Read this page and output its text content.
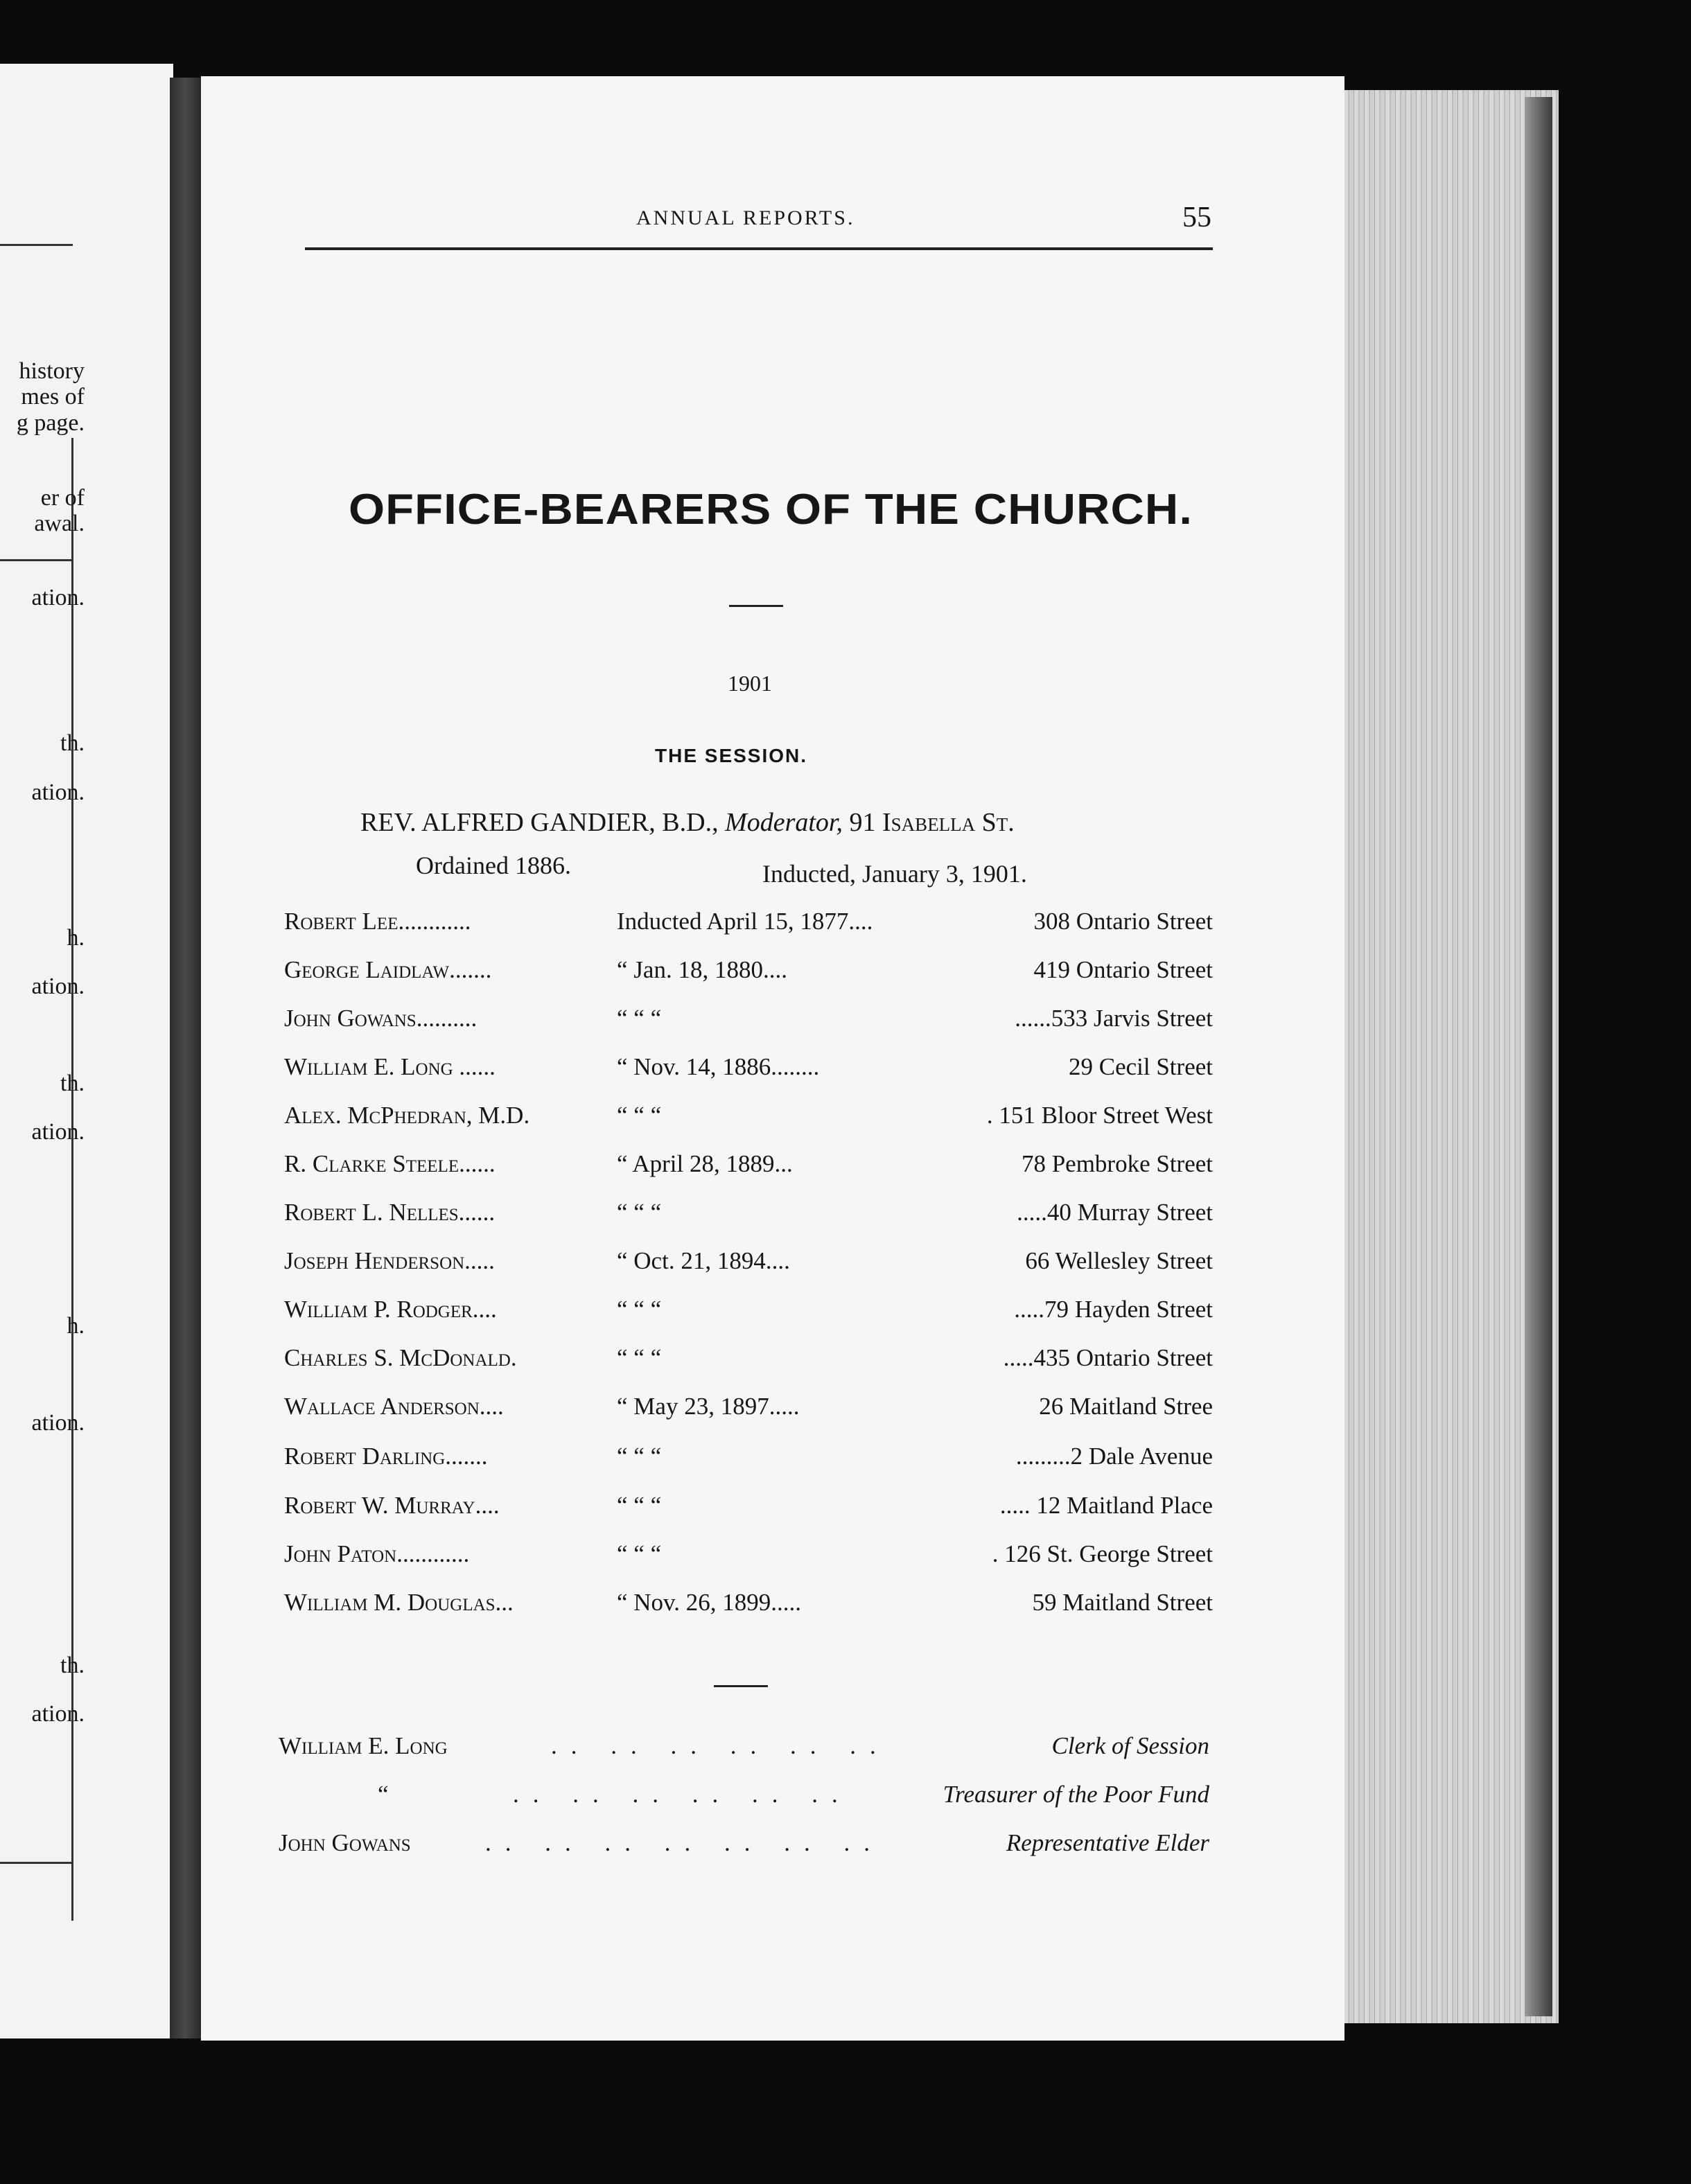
history
mes of
g page.
er of
awal.
ation.
th.
ation.
h.
ation.
th.
ation.
h.
ation.
th.
ation.
ANNUAL REPORTS.	55
OFFICE-BEARERS OF THE CHURCH.
1901
THE SESSION.
REV. ALFRED GANDIER, B.D., Moderator, 91 Isabella St.
Ordained 1886.	Inducted, January 3, 1901.
Robert Lee............	Inducted April 15, 1877....	308 Ontario Street
George Laidlaw.......	“ Jan. 18, 1880....	419 Ontario Street
John Gowans..........	“ “ “	......533 Jarvis Street
William E. Long ......	“ Nov. 14, 1886........	29 Cecil Street
Alex. McPhedran, M.D.	“ “ “	. 151 Bloor Street West
R. Clarke Steele......	“ April 28, 1889...	78 Pembroke Street
Robert L. Nelles......	“ “ “	.....40 Murray Street
Joseph Henderson.....	“ Oct. 21, 1894....	66 Wellesley Street
William P. Rodger....	“ “ “	.....79 Hayden Street
Charles S. McDonald.	“ “ “	.....435 Ontario Street
Wallace Anderson....	“ May 23, 1897.....	26 Maitland Stree
Robert Darling.......	“ “ “	.........2 Dale Avenue
Robert W. Murray....	“ “ “	..... 12 Maitland Place
John Paton............	“ “ “	. 126 St. George Street
William M. Douglas...	“ Nov. 26, 1899.....	59 Maitland Street
William E. Long	.. .. .. .. .. ..	Clerk of Session
“	.. .. .. .. .. ..	Treasurer of the Poor Fund
John Gowans	.. .. .. .. .. .. ..	Representative Elder
